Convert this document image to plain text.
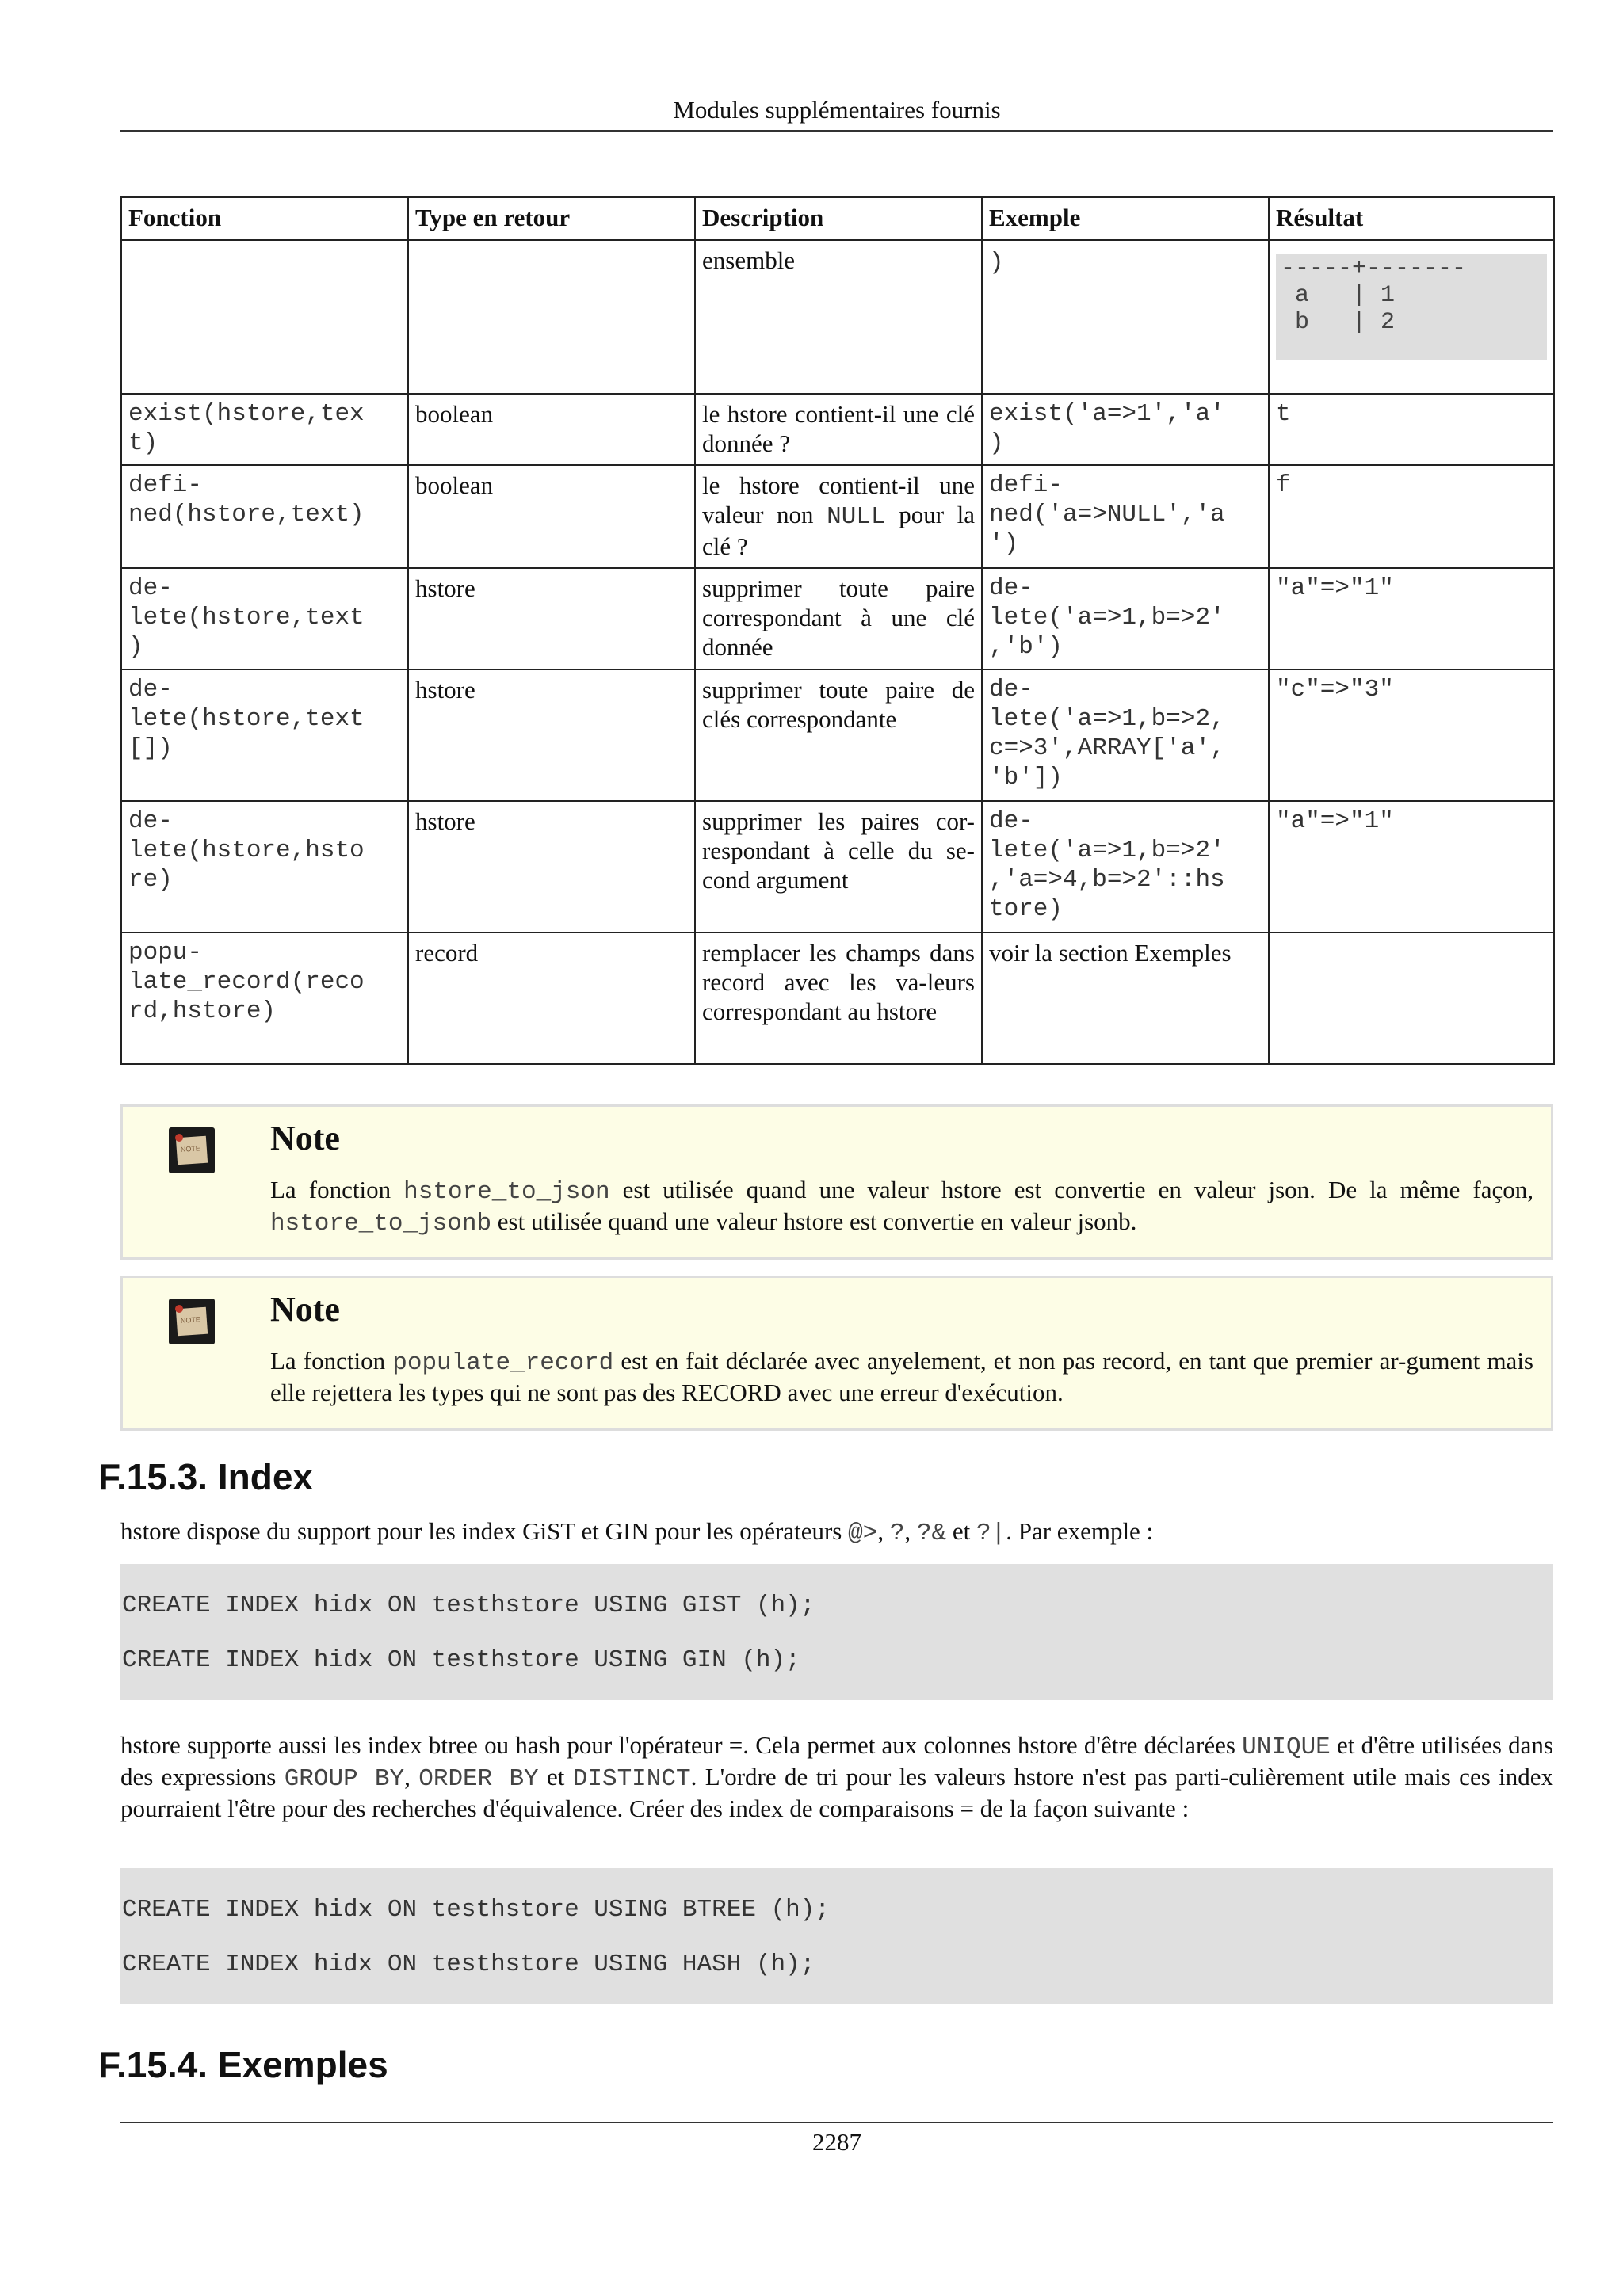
Modules supplémentaires fournis
Fonction	Type en retour	Description	Exemple	Résultat
		ensemble	)	-----+-------
a   | 1
b   | 2

exist(hstore,tex
t)	boolean	le hstore contient-il une clé donnée ?	exist('a=>1','a'
)	t
defi-
ned(hstore,text)	boolean	le hstore contient-il une valeur non NULL pour la clé ?	defi-
ned('a=>NULL','a
')	f
de-
lete(hstore,text
)	hstore	supprimer toute paire correspondant à une clé donnée	de-
lete('a=>1,b=>2'
,'b')	"a"=>"1"
de-
lete(hstore,text
[])	hstore	supprimer toute paire de clés correspondante	de-
lete('a=>1,b=>2,
c=>3',ARRAY['a',
'b'])	"c"=>"3"
de-
lete(hstore,hsto
re)	hstore	supprimer les paires cor-respondant à celle du se-cond argument	de-
lete('a=>1,b=>2'
,'a=>4,b=>2'::hs
tore)	"a"=>"1"
popu-
late_record(reco
rd,hstore)	record	remplacer les champs dans record avec les va-leurs correspondant au hstore	voir la section Exemples	
NOTE Note

La fonction hstore_to_json est utilisée quand une valeur hstore est convertie en valeur json. De la même façon, hstore_to_jsonb est utilisée quand une valeur hstore est convertie en valeur jsonb.

NOTE Note

La fonction populate_record est en fait déclarée avec anyelement, et non pas record, en tant que premier ar-gument mais elle rejettera les types qui ne sont pas des RECORD avec une erreur d'exécution.

F.15.3. Index

hstore dispose du support pour les index GiST et GIN pour les opérateurs @>, ?, ?& et ?|. Par exemple :

CREATE INDEX hidx ON testhstore USING GIST (h);
CREATE INDEX hidx ON testhstore USING GIN (h);

hstore supporte aussi les index btree ou hash pour l'opérateur =. Cela permet aux colonnes hstore d'être déclarées UNIQUE et d'être utilisées dans des expressions GROUP BY, ORDER BY et DISTINCT. L'ordre de tri pour les valeurs hstore n'est pas parti-culièrement utile mais ces index pourraient l'être pour des recherches d'équivalence. Créer des index de comparaisons = de la façon suivante :

CREATE INDEX hidx ON testhstore USING BTREE (h);
CREATE INDEX hidx ON testhstore USING HASH (h);
F.15.4. Exemples
2287
